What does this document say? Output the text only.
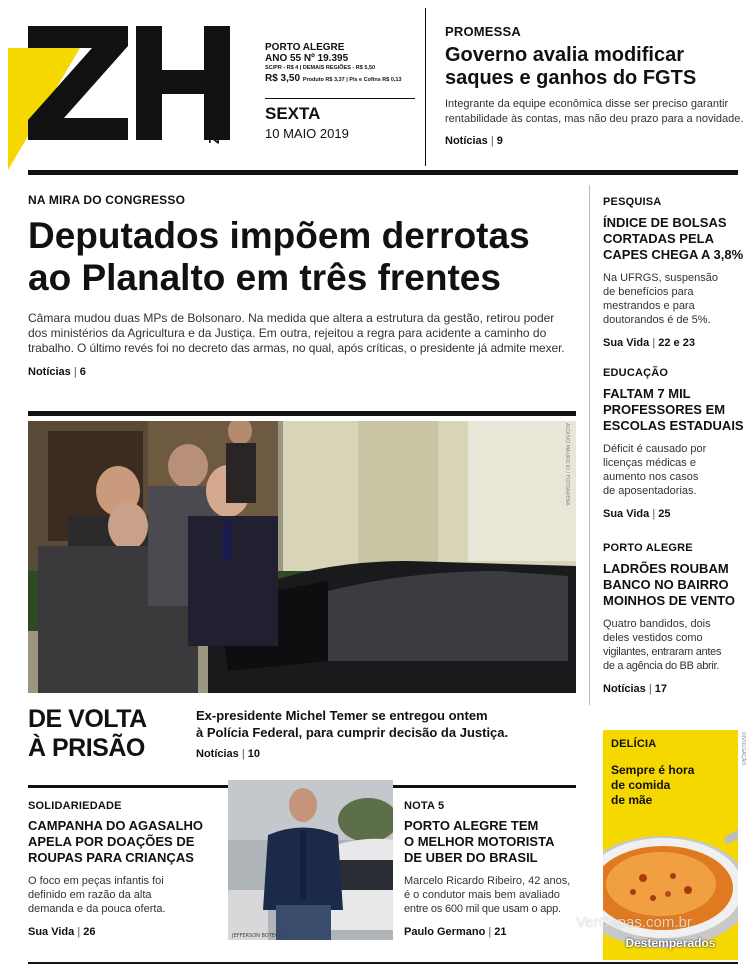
ZERO HORA
PORTO ALEGRE
ANO 55 Nº 19.395
SC/PR - R$ 4 | DEMAIS REGIÕES - R$ 5,50
R$ 3,50 Produto R$ 3,37 | Pis e Cofins R$ 0,13
SEXTA
10 MAIO 2019
PROMESSA
Governo avalia modificar
saques e ganhos do FGTS
Integrante da equipe econômica disse ser preciso garantir
rentabilidade às contas, mas não deu prazo para a novidade.
Notícias | 9
NA MIRA DO CONGRESSO
Deputados impõem derrotas
ao Planalto em três frentes
Câmara mudou duas MPs de Bolsonaro. Na medida que altera a estrutura da gestão, retirou poder
dos ministérios da Agricultura e da Justiça. Em outra, rejeitou a regra para acidente a caminho do
trabalho. O último revés foi no decreto das armas, no qual, após críticas, o presidente já admite mexer.
Notícias | 6
ALOISIO MAURICIO / FOTOARENA
DE VOLTA
À PRISÃO
Ex-presidente Michel Temer se entregou ontem
à Polícia Federal, para cumprir decisão da Justiça.
Notícias | 10
PESQUISA
ÍNDICE DE BOLSAS
CORTADAS PELA
CAPES CHEGA A 3,8%
Na UFRGS, suspensão
de benefícios para
mestrandos e para
doutorandos é de 5%.
Sua Vida | 22 e 23
EDUCAÇÃO
FALTAM 7 MIL
PROFESSORES EM
ESCOLAS ESTADUAIS
Déficit é causado por
licenças médicas e
aumento nos casos
de aposentadorias.
Sua Vida | 25
PORTO ALEGRE
LADRÕES ROUBAM
BANCO NO BAIRRO
MOINHOS DE VENTO
Quatro bandidos, dois
deles vestidos como
vigilantes, entraram antes
de a agência do BB abrir.
Notícias | 17
DELÍCIA
Sempre é hora
de comida
de mãe
Destemperados
DIVULGAÇÃO
SOLIDARIEDADE
CAMPANHA DO AGASALHO
APELA POR DOAÇÕES DE
ROUPAS PARA CRIANÇAS
O foco em peças infantis foi
definido em razão da alta
demanda e da pouca oferta.
Sua Vida | 26	JEFFERSON BOTEGA
NOTA 5
PORTO ALEGRE TEM
O MELHOR MOTORISTA
DE UBER DO BRASIL
Marcelo Ricardo Ribeiro, 42 anos,
é o condutor mais bem avaliado
entre os 600 mil que usam o app.
Paulo Germano | 21
VerCapas.com.br
